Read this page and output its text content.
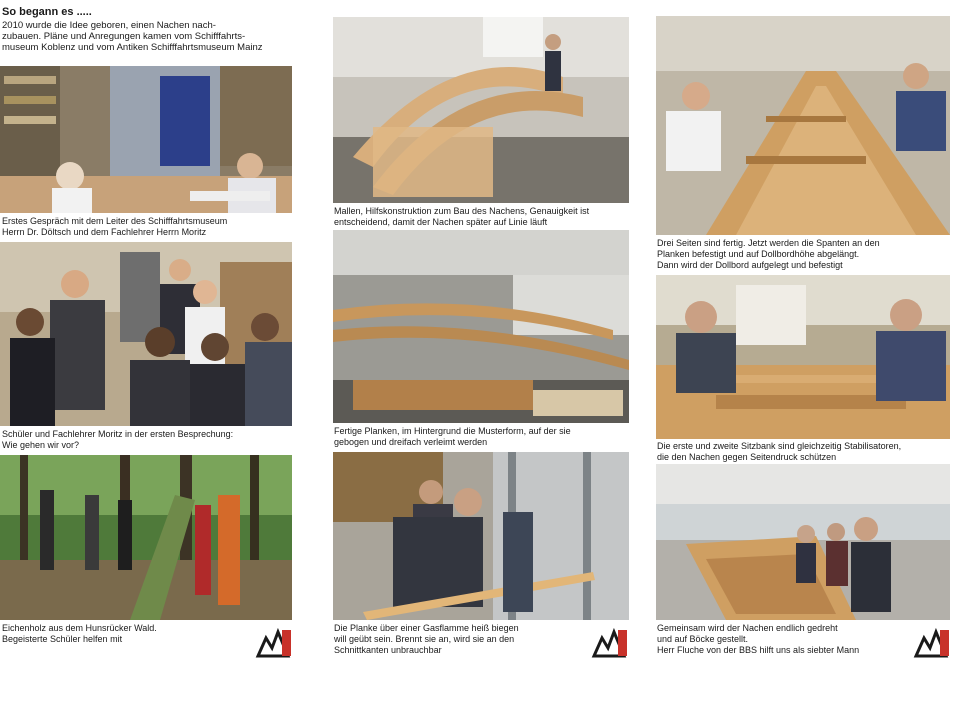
So begann es .....
2010 wurde die Idee geboren, einen Nachen nach-
zubauen. Pläne und Anregungen kamen vom Schifffahrts-
museum Koblenz und vom Antiken Schifffahrtsmuseum Mainz
Erstes Gespräch mit dem Leiter des Schifffahrtsmuseum
Herrn Dr. Döltsch und dem Fachlehrer Herrn Moritz
Schüler und Fachlehrer Moritz in der ersten Besprechung:
Wie gehen wir vor?
Eichenholz aus dem Hunsrücker Wald.
Begeisterte Schüler helfen mit
Mallen, Hilfskonstruktion zum Bau des Nachens, Genauigkeit ist
entscheidend, damit der Nachen später auf Linie läuft
Fertige Planken, im Hintergrund die Musterform, auf der sie
gebogen und dreifach verleimt werden
Die Planke über einer Gasflamme heiß biegen
will geübt sein. Brennt sie an, wird sie an den
Schnittkanten unbrauchbar
Drei Seiten sind fertig. Jetzt werden die Spanten an den
Planken befestigt und auf Dollbordhöhe abgelängt.
Dann wird der Dollbord aufgelegt und befestigt
Die erste und zweite Sitzbank sind gleichzeitig Stabilisatoren,
die den Nachen gegen Seitendruck schützen
Gemeinsam wird der Nachen endlich gedreht
und auf Böcke gestellt.
Herr Fluche von der BBS hilft uns als siebter Mann
